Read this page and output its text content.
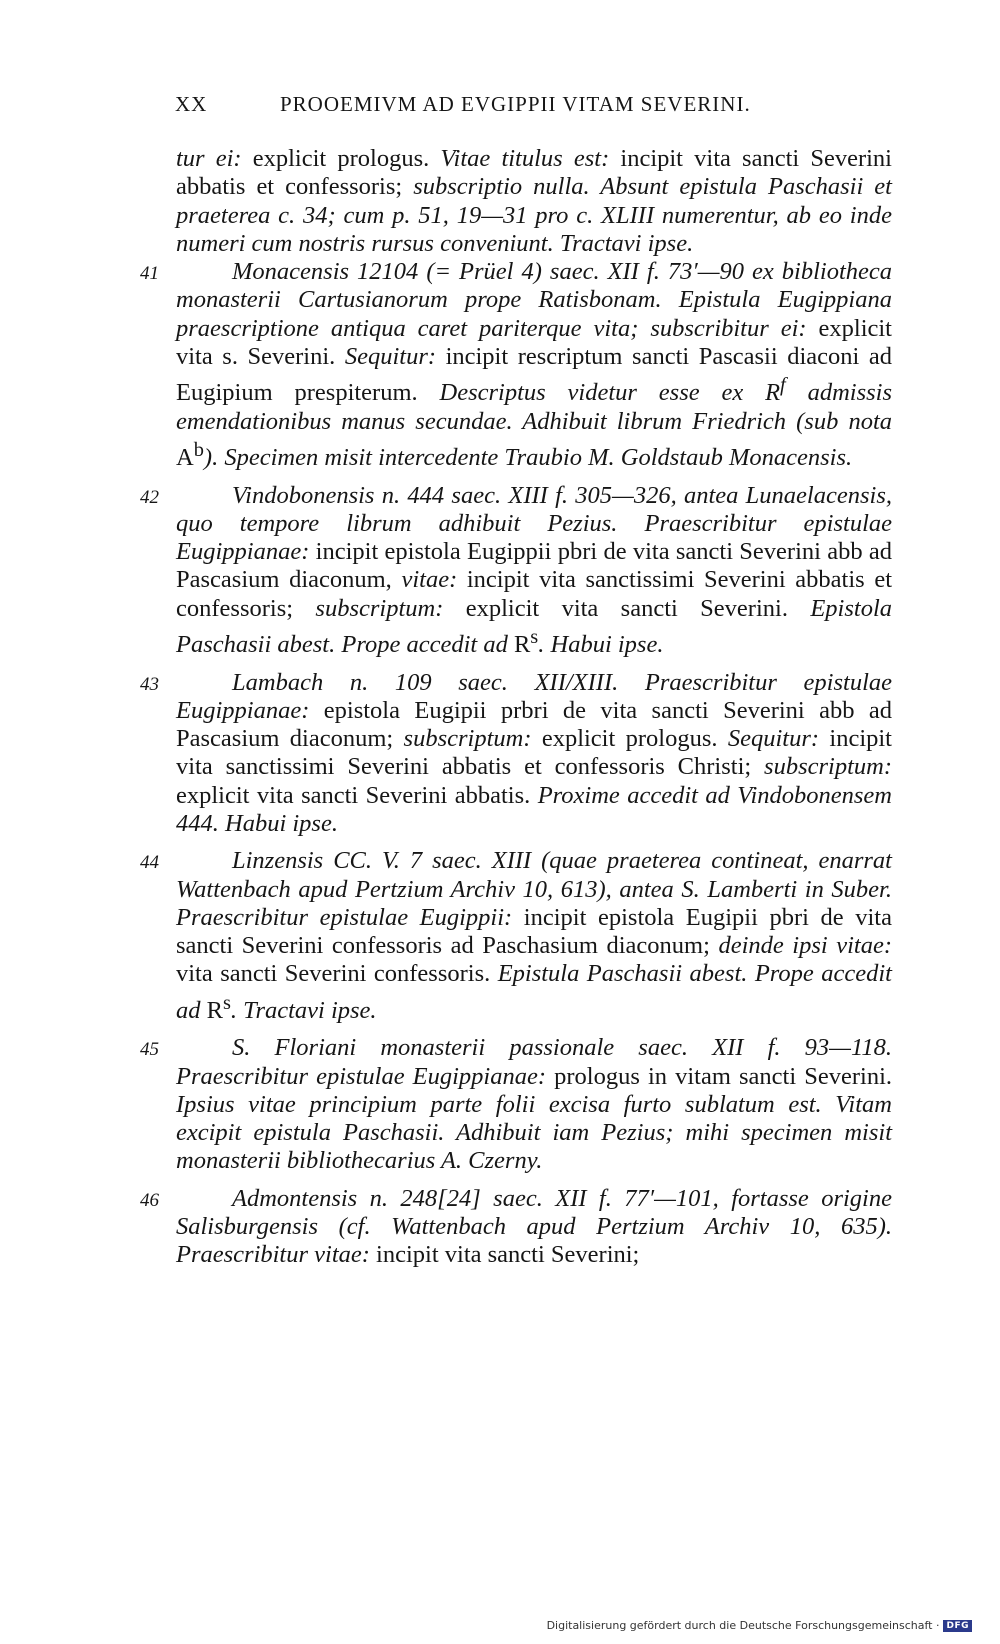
XX	PROOEMIVM AD EVGIPPII VITAM SEVERINI.

tur ei: explicit prologus. Vitae titulus est: incipit vita sancti Severini abbatis et confessoris; subscriptio nulla. Absunt epistula Paschasii et praeterea c. 34; cum p. 51, 19—31 pro c. XLIII numerentur, ab eo inde numeri cum nostris rursus conveniunt. Tractavi ipse.

41	Monacensis 12104 (= Prüel 4) saec. XII f. 73′—90 ex bibliotheca monasterii Cartusianorum prope Ratisbonam. Epistula Eugippiana praescriptione antiqua caret pariterque vita; subscribitur ei: explicit vita s. Severini. Sequitur: incipit rescriptum sancti Pascasii diaconi ad Eugipium prespiterum. Descriptus videtur esse ex $R^f$ admissis emendationibus manus secundae. Adhibuit librum Friedrich (sub nota $A^b$). Specimen misit intercedente Traubio M. Goldstaub Monacensis.

42	Vindobonensis n. 444 saec. XIII f. 305—326, antea Lunaelacensis, quo tempore librum adhibuit Pezius. Praescribitur epistulae Eugippianae: incipit epistola Eugippii pbri de vita sancti Severini abb ad Pascasium diaconum, vitae: incipit vita sanctissimi Severini abbatis et confessoris; subscriptum: explicit vita sancti Severini. Epistola Paschasii abest. Prope accedit ad $R^s$. Habui ipse.

43	Lambach n. 109 saec. XII/XIII. Praescribitur epistulae Eugippianae: epistola Eugipii prbri de vita sancti Severini abb ad Pascasium diaconum; subscriptum: explicit prologus. Sequitur: incipit vita sanctissimi Severini abbatis et confessoris Christi; subscriptum: explicit vita sancti Severini abbatis. Proxime accedit ad Vindobonensem 444. Habui ipse.

44	Linzensis CC. V. 7 saec. XIII (quae praeterea contineat, enarrat Wattenbach apud Pertzium Archiv 10, 613), antea S. Lamberti in Suber. Praescribitur epistulae Eugippii: incipit epistola Eugipii pbri de vita sancti Severini confessoris ad Paschasium diaconum; deinde ipsi vitae: vita sancti Severini confessoris. Epistula Paschasii abest. Prope accedit ad $R^s$. Tractavi ipse.

45	S. Floriani monasterii passionale saec. XII f. 93—118. Praescribitur epistulae Eugippianae: prologus in vitam sancti Severini. Ipsius vitae principium parte folii excisa furto sublatum est. Vitam excipit epistula Paschasii. Adhibuit iam Pezius; mihi specimen misit monasterii bibliothecarius A. Czerny.

46	Admontensis n. 248[24] saec. XII f. 77′—101, fortasse origine Salisburgensis (cf. Wattenbach apud Pertzium Archiv 10, 635). Praescribitur vitae: incipit vita sancti Severini;

Digitalisierung gefördert durch die Deutsche Forschungsgemeinschaft · DFG
